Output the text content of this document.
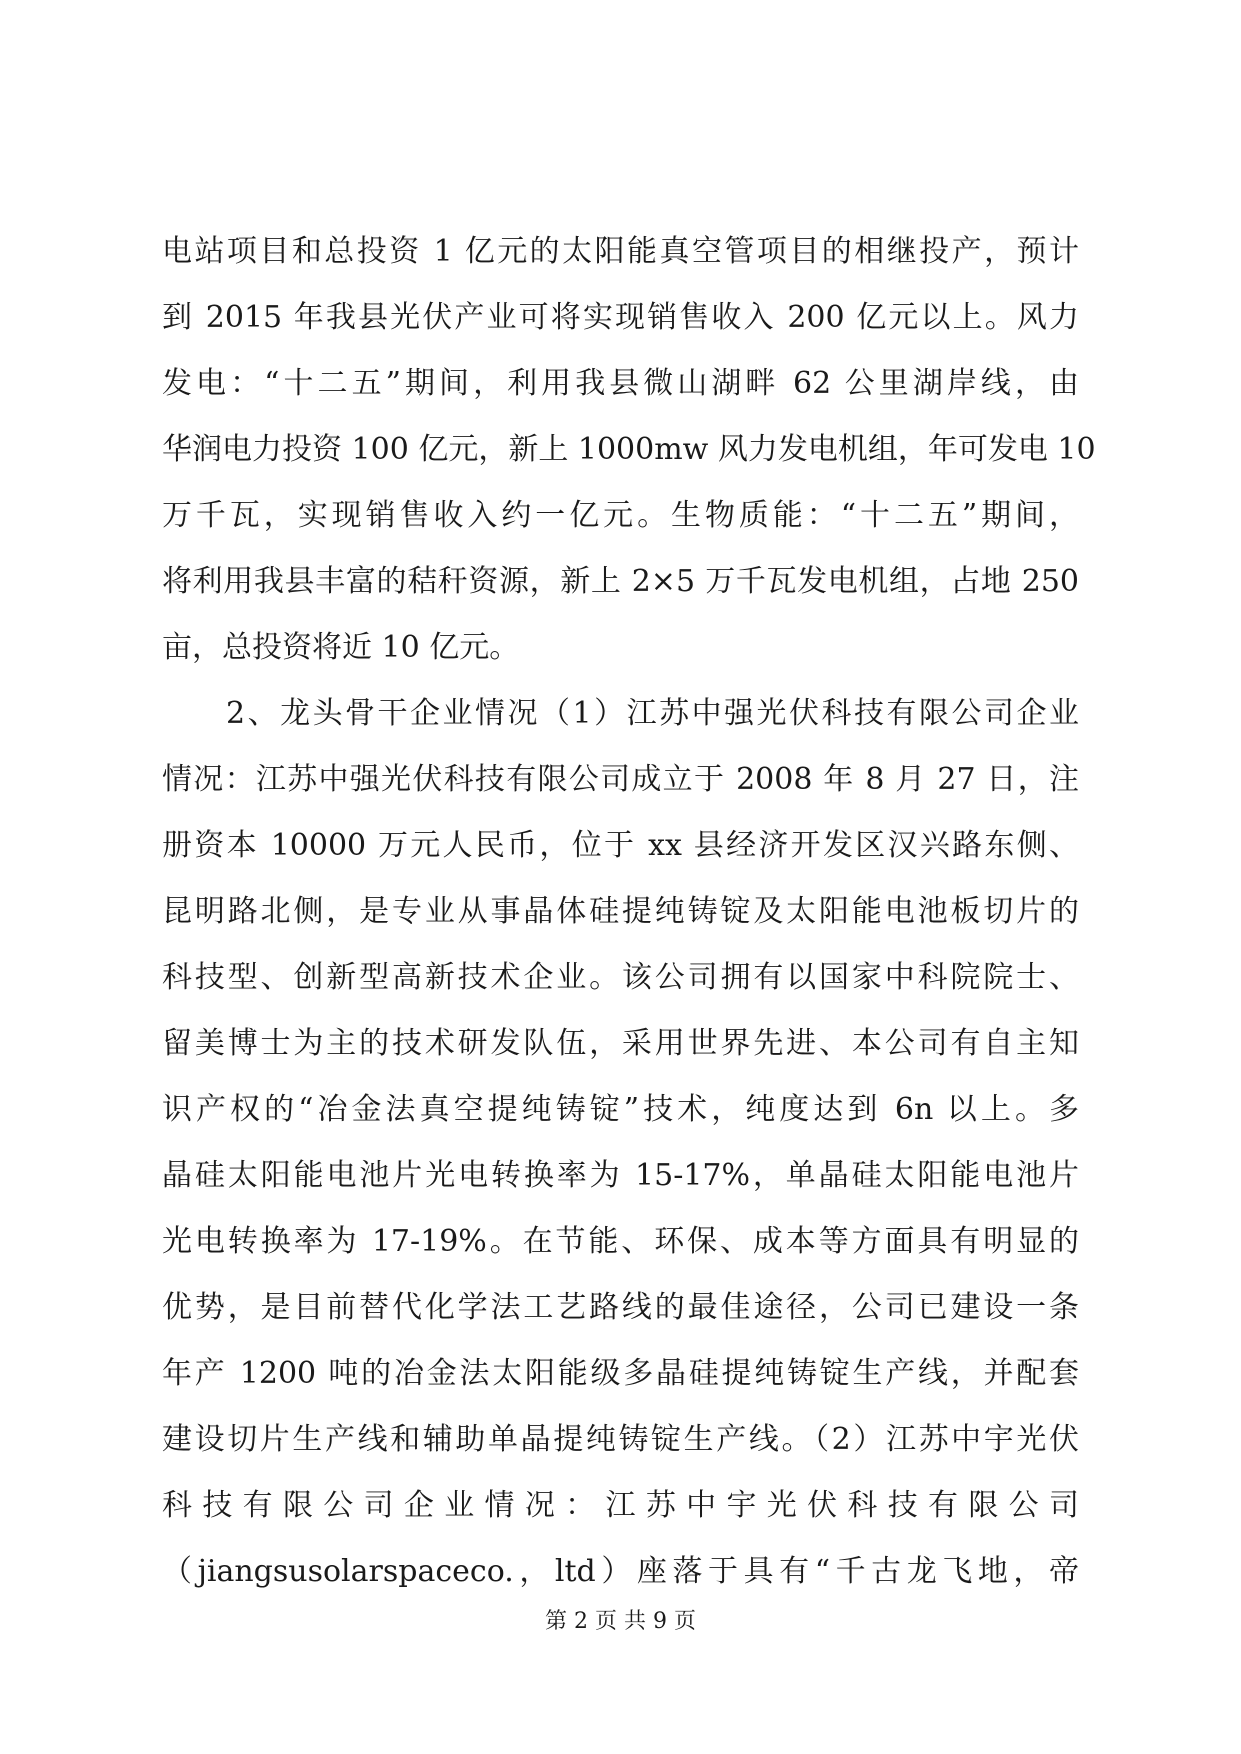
电站项目和总投资 1 亿元的太阳能真空管项目的相继投产，预计
到 2015 年我县光伏产业可将实现销售收入 200 亿元以上。风力
发电：“十二五”期间，利用我县微山湖畔 62 公里湖岸线，由
华润电力投资 100 亿元，新上 1000mw 风力发电机组，年可发电 10
万千瓦，实现销售收入约一亿元。生物质能：“十二五”期间，
将利用我县丰富的秸秆资源，新上 2×5 万千瓦发电机组，占地 250
亩，总投资将近 10 亿元。
2、龙头骨干企业情况（1）江苏中强光伏科技有限公司企业
情况：江苏中强光伏科技有限公司成立于 2008 年 8 月 27 日，注
册资本 10000 万元人民币，位于 xx 县经济开发区汉兴路东侧、
昆明路北侧，是专业从事晶体硅提纯铸锭及太阳能电池板切片的
科技型、创新型高新技术企业。该公司拥有以国家中科院院士、
留美博士为主的技术研发队伍，采用世界先进、本公司有自主知
识产权的“冶金法真空提纯铸锭”技术，纯度达到 6n 以上。多
晶硅太阳能电池片光电转换率为 15-17%，单晶硅太阳能电池片
光电转换率为 17-19%。在节能、环保、成本等方面具有明显的
优势，是目前替代化学法工艺路线的最佳途径，公司已建设一条
年产 1200 吨的冶金法太阳能级多晶硅提纯铸锭生产线，并配套
建设切片生产线和辅助单晶提纯铸锭生产线。（2）江苏中宇光伏
科技有限公司企业情况：江苏中宇光伏科技有限公司
（jiangsusolarspaceco.，ltd）座落于具有“千古龙飞地，帝
第 2 页 共 9 页
